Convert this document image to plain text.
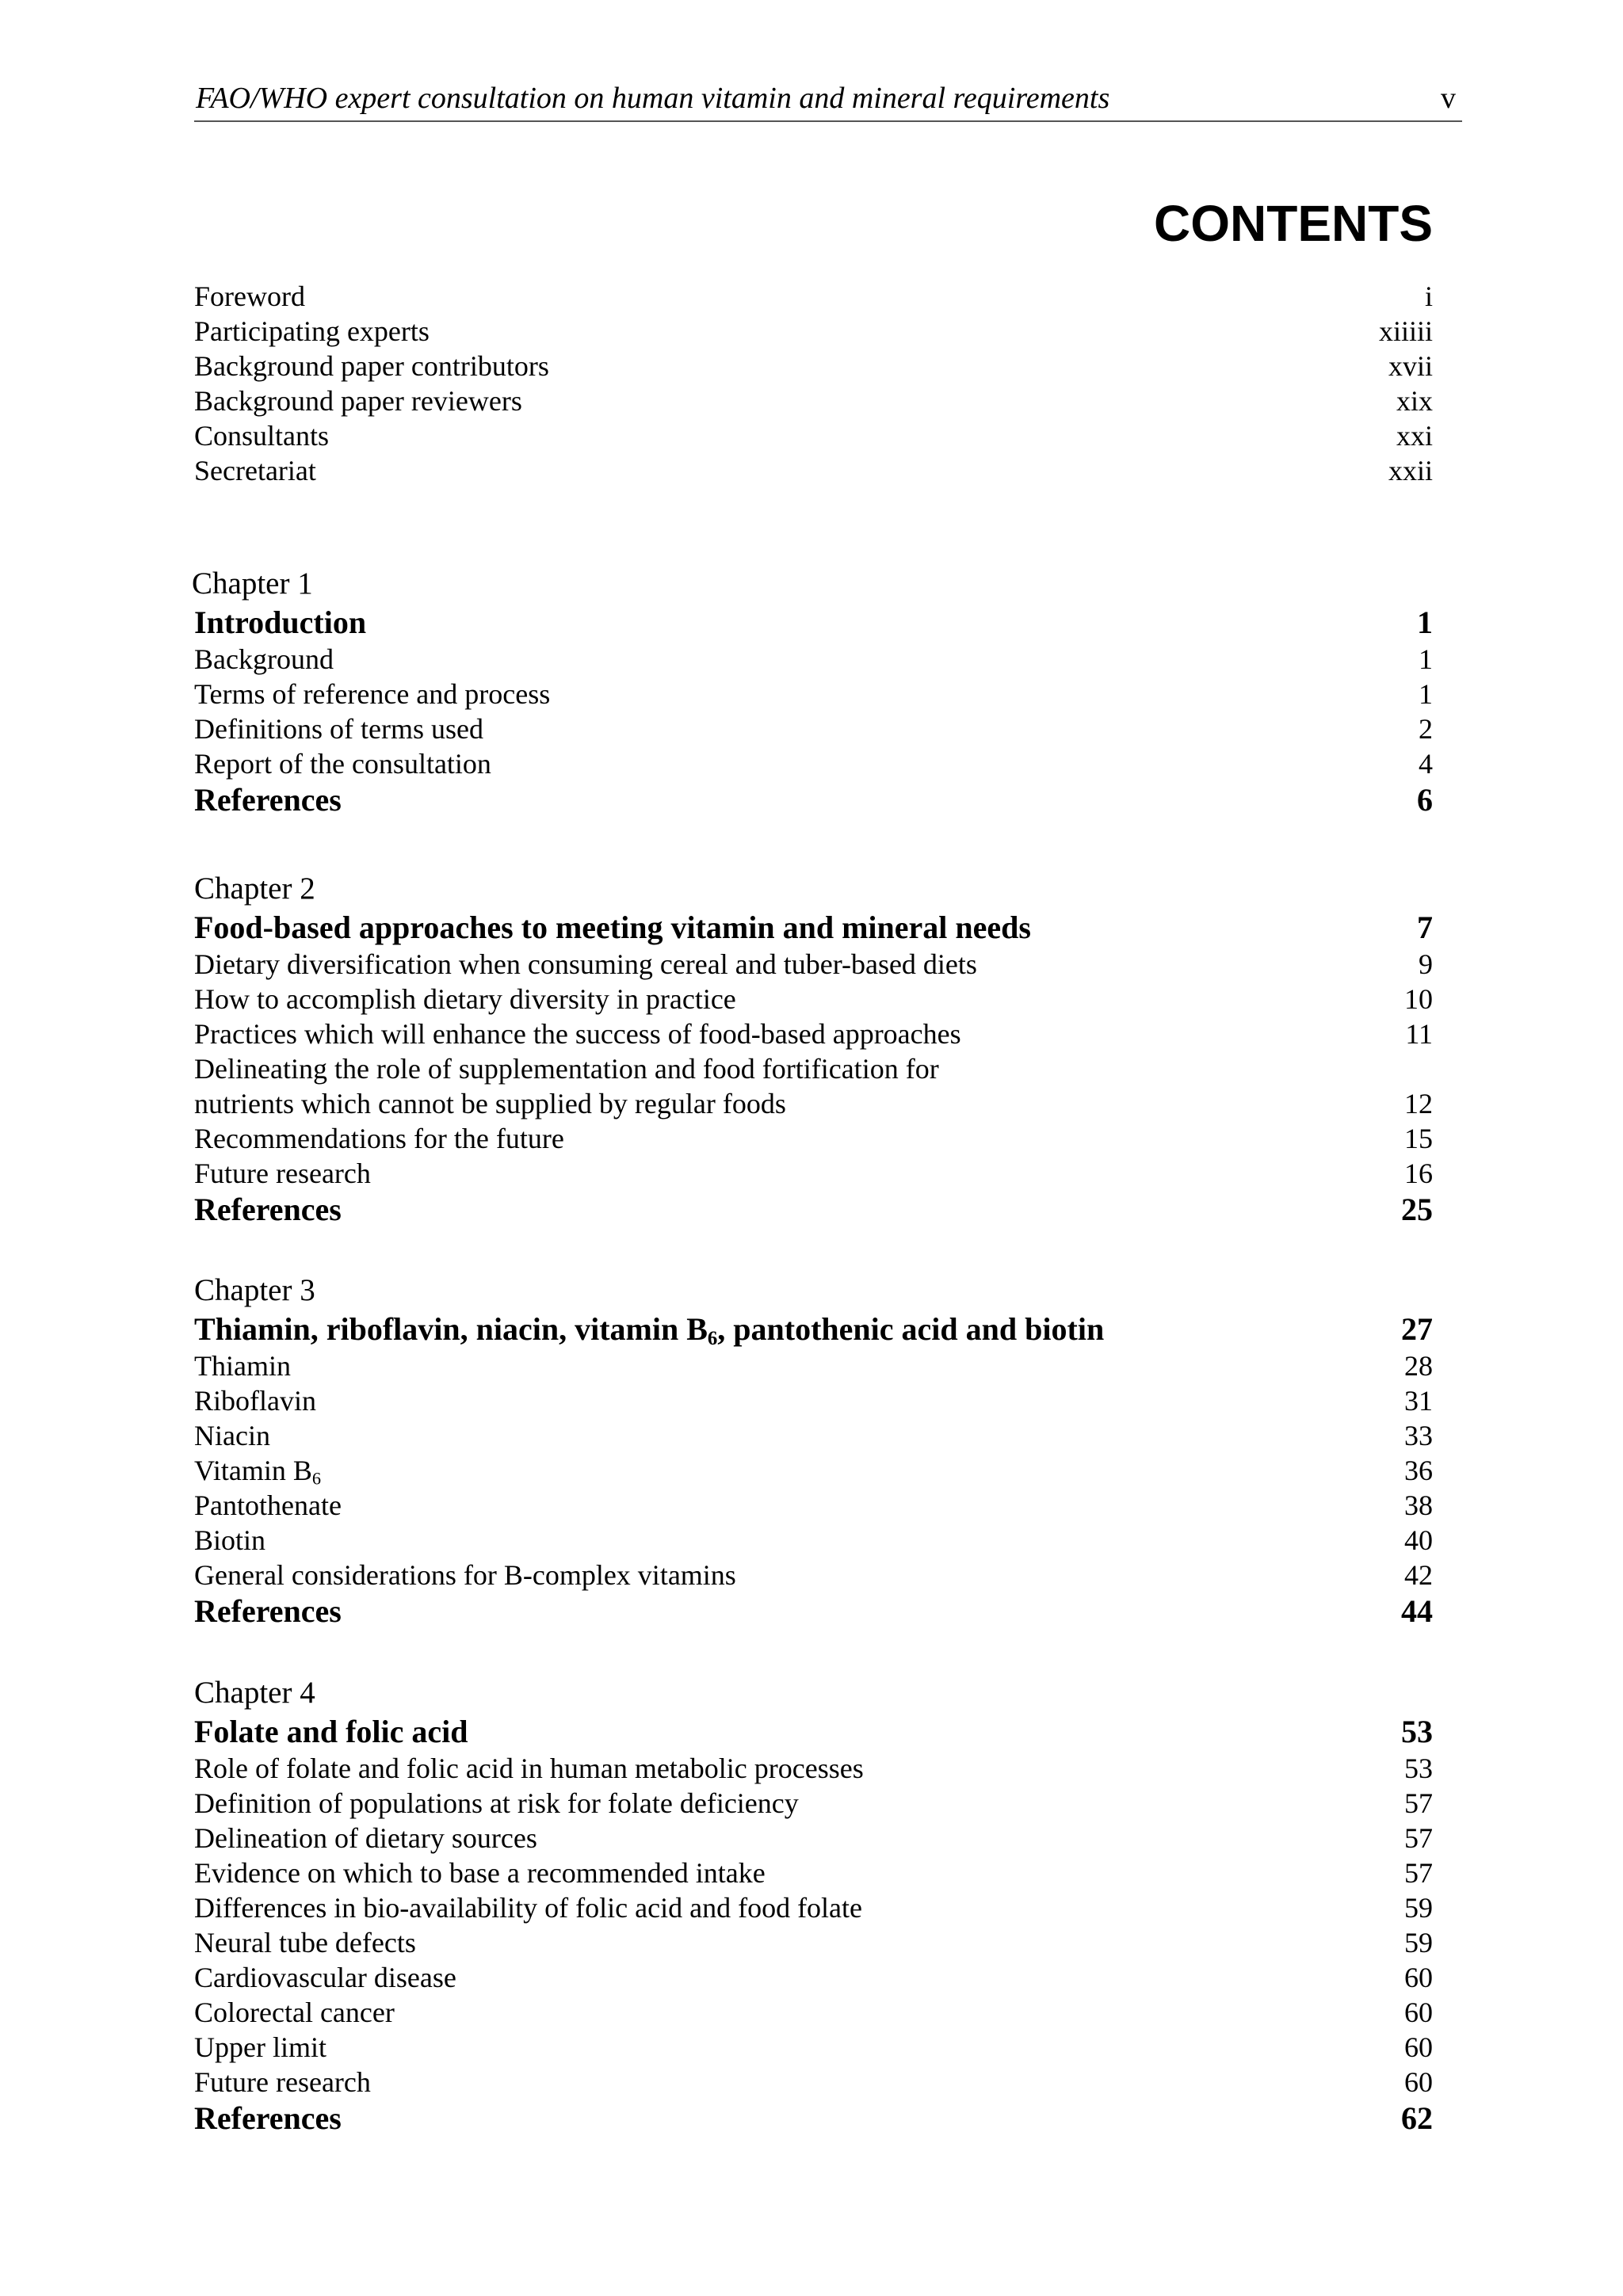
FAO/WHO expert consultation on human vitamin and mineral requirements	v
CONTENTS
Foreword	i
Participating experts	xiiiii
Background paper contributors	xvii
Background paper reviewers	xix
Consultants	xxi
Secretariat	xxii
Chapter 1
Introduction	1
Background	1
Terms of reference and process	1
Definitions of terms used	2
Report of the consultation	4
References	6
Chapter 2
Food-based approaches to meeting vitamin and mineral needs	7
Dietary diversification when consuming cereal and tuber-based diets	9
How to accomplish dietary diversity in practice	10
Practices which will enhance the success of food-based approaches	11
Delineating the role of supplementation and food fortification for
nutrients which cannot be supplied by regular foods	12
Recommendations for the future	15
Future research	16
References	25
Chapter 3
Thiamin, riboflavin, niacin, vitamin $B_6$, pantothenic acid and biotin	27
Thiamin	28
Riboflavin	31
Niacin	33
Vitamin $B_6$	36
Pantothenate	38
Biotin	40
General considerations for B-complex vitamins	42
References	44
Chapter 4
Folate and folic acid	53
Role of folate and folic acid in human metabolic processes	53
Definition of populations at risk for folate deficiency	57
Delineation of dietary sources	57
Evidence on which to base a recommended intake	57
Differences in bio-availability of folic acid and food folate	59
Neural tube defects	59
Cardiovascular disease	60
Colorectal cancer	60
Upper limit	60
Future research	60
References	62
